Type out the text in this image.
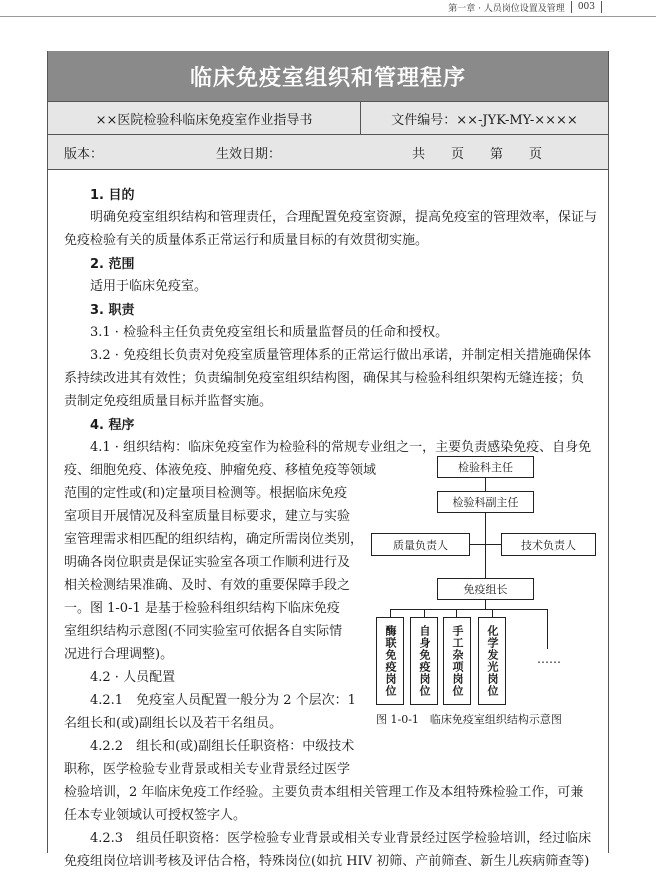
第一章 · 人员岗位设置及管理 003
临床免疫室组织和管理程序
××医院检验科临床免疫室作业指导书	文件编号：××-JYK-MY-××××
版本：	生效日期：	共　　页　　第　　页
1. 目的

明确免疫室组织结构和管理责任，合理配置免疫室资源，提高免疫室的管理效率，保证与

免疫检验有关的质量体系正常运行和质量目标的有效贯彻实施。

2. 范围

适用于临床免疫室。

3. 职责

3.1 · 检验科主任负责免疫室组长和质量监督员的任命和授权。

3.2 · 免疫组长负责对免疫室质量管理体系的正常运行做出承诺，并制定相关措施确保体

系持续改进其有效性；负责编制免疫室组织结构图，确保其与检验科组织架构无缝连接；负

责制定免疫组质量目标并监督实施。

4. 程序

4.1 · 组织结构：临床免疫室作为检验科的常规专业组之一，主要负责感染免疫、自身免

疫、细胞免疫、体液免疫、肿瘤免疫、移植免疫等领域

范围的定性或(和)定量项目检测等。根据临床免疫

室项目开展情况及科室质量目标要求，建立与实验

室管理需求相匹配的组织结构，确定所需岗位类别，

明确各岗位职责是保证实验室各项工作顺利进行及

相关检测结果准确、及时、有效的重要保障手段之

一。图 1-0-1 是基于检验科组织结构下临床免疫

室组织结构示意图(不同实验室可依据各自实际情

况进行合理调整)。

4.2 · 人员配置

4.2.1　免疫室人员配置一般分为 2 个层次：1

名组长和(或)副组长以及若干名组员。

4.2.2　组长和(或)副组长任职资格：中级技术

职称，医学检验专业背景或相关专业背景经过医学

检验培训，2 年临床免疫工作经验。主要负责本组相关管理工作及本组特殊检验工作，可兼

任本专业领域认可授权签字人。

4.2.3　组员任职资格：医学检验专业背景或相关专业背景经过医学检验培训，经过临床

免疫组岗位培训考核及评估合格，特殊岗位(如抗 HIV 初筛、产前筛查、新生儿疾病筛查等)

检验科主任
检验科副主任
质量负责人	技术负责人
免疫组长
酶联免疫岗位	自身免疫岗位	手工杂项岗位	化学发光岗位	……
图 1-0-1　临床免疫室组织结构示意图
